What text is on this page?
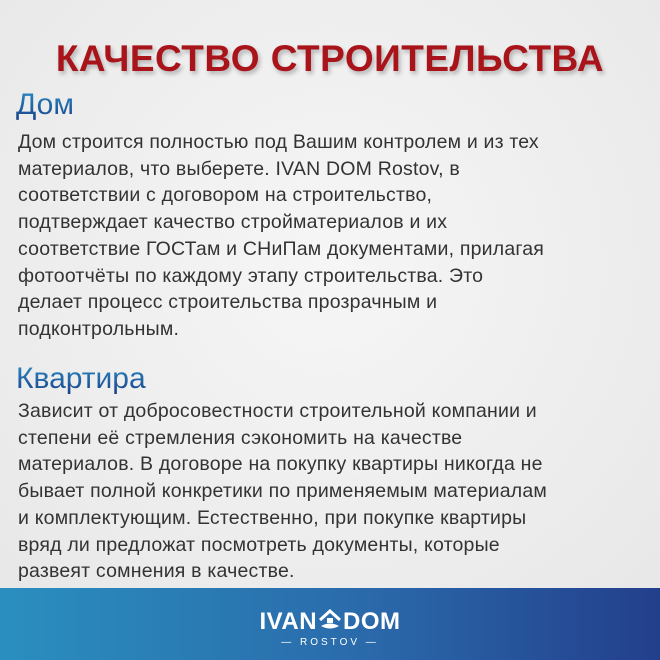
КАЧЕСТВО СТРОИТЕЛЬСТВА
Дом
Дом строится полностью под Вашим контролем и из тех
материалов, что выберете. IVAN DOM Rostov, в
соответствии с договором на строительство,
подтверждает качество стройматериалов и их
соответствие ГОСТам и СНиПам документами, прилагая
фотоотчёты по каждому этапу строительства. Это
делает процесс строительства прозрачным и
подконтрольным.
Квартира
Зависит от добросовестности строительной компании и
степени её стремления сэкономить на качестве
материалов. В договоре на покупку квартиры никогда не
бывает полной конкретики по применяемым материалам
и комплектующим. Естественно, при покупке квартиры
вряд ли предложат посмотреть документы, которые
развеят сомнения в качестве.
IVAN DOM
— ROSTOV —
